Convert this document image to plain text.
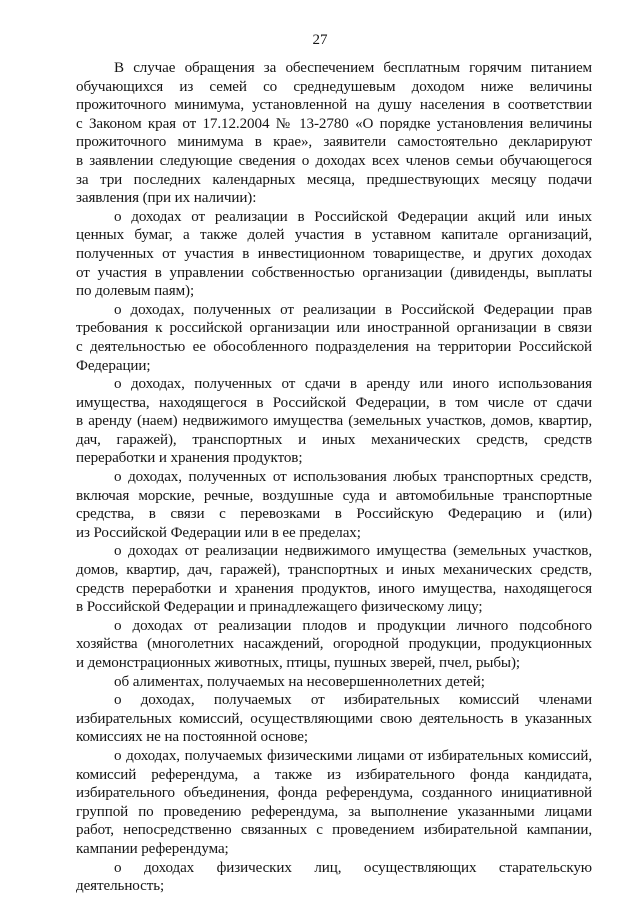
27
В случае обращения за обеспечением бесплатным горячим питанием
обучающихся из семей со среднедушевым доходом ниже величины
прожиточного минимума, установленной на душу населения в соответствии
с Законом края от 17.12.2004 № 13-2780 «О порядке установления величины
прожиточного минимума в крае», заявители самостоятельно декларируют
в заявлении следующие сведения о доходах всех членов семьи обучающегося
за три последних календарных месяца, предшествующих месяцу подачи
заявления (при их наличии):
о доходах от реализации в Российской Федерации акций или иных
ценных бумаг, а также долей участия в уставном капитале организаций,
полученных от участия в инвестиционном товариществе, и других доходах
от участия в управлении собственностью организации (дивиденды, выплаты
по долевым паям);
о доходах, полученных от реализации в Российской Федерации прав
требования к российской организации или иностранной организации в связи
с деятельностью ее обособленного подразделения на территории Российской
Федерации;
о доходах, полученных от сдачи в аренду или иного использования
имущества, находящегося в Российской Федерации, в том числе от сдачи
в аренду (наем) недвижимого имущества (земельных участков, домов, квартир,
дач, гаражей), транспортных и иных механических средств, средств
переработки и хранения продуктов;
о доходах, полученных от использования любых транспортных средств,
включая морские, речные, воздушные суда и автомобильные транспортные
средства, в связи с перевозками в Российскую Федерацию и (или)
из Российской Федерации или в ее пределах;
о доходах от реализации недвижимого имущества (земельных участков,
домов, квартир, дач, гаражей), транспортных и иных механических средств,
средств переработки и хранения продуктов, иного имущества, находящегося
в Российской Федерации и принадлежащего физическому лицу;
о доходах от реализации плодов и продукции личного подсобного
хозяйства (многолетних насаждений, огородной продукции, продукционных
и демонстрационных животных, птицы, пушных зверей, пчел, рыбы);
об алиментах, получаемых на несовершеннолетних детей;
о доходах, получаемых от избирательных комиссий членами
избирательных комиссий, осуществляющими свою деятельность в указанных
комиссиях не на постоянной основе;
о доходах, получаемых физическими лицами от избирательных комиссий,
комиссий референдума, а также из избирательного фонда кандидата,
избирательного объединения, фонда референдума, созданного инициативной
группой по проведению референдума, за выполнение указанными лицами
работ, непосредственно связанных с проведением избирательной кампании,
кампании референдума;
о доходах физических лиц, осуществляющих старательскую
деятельность;
